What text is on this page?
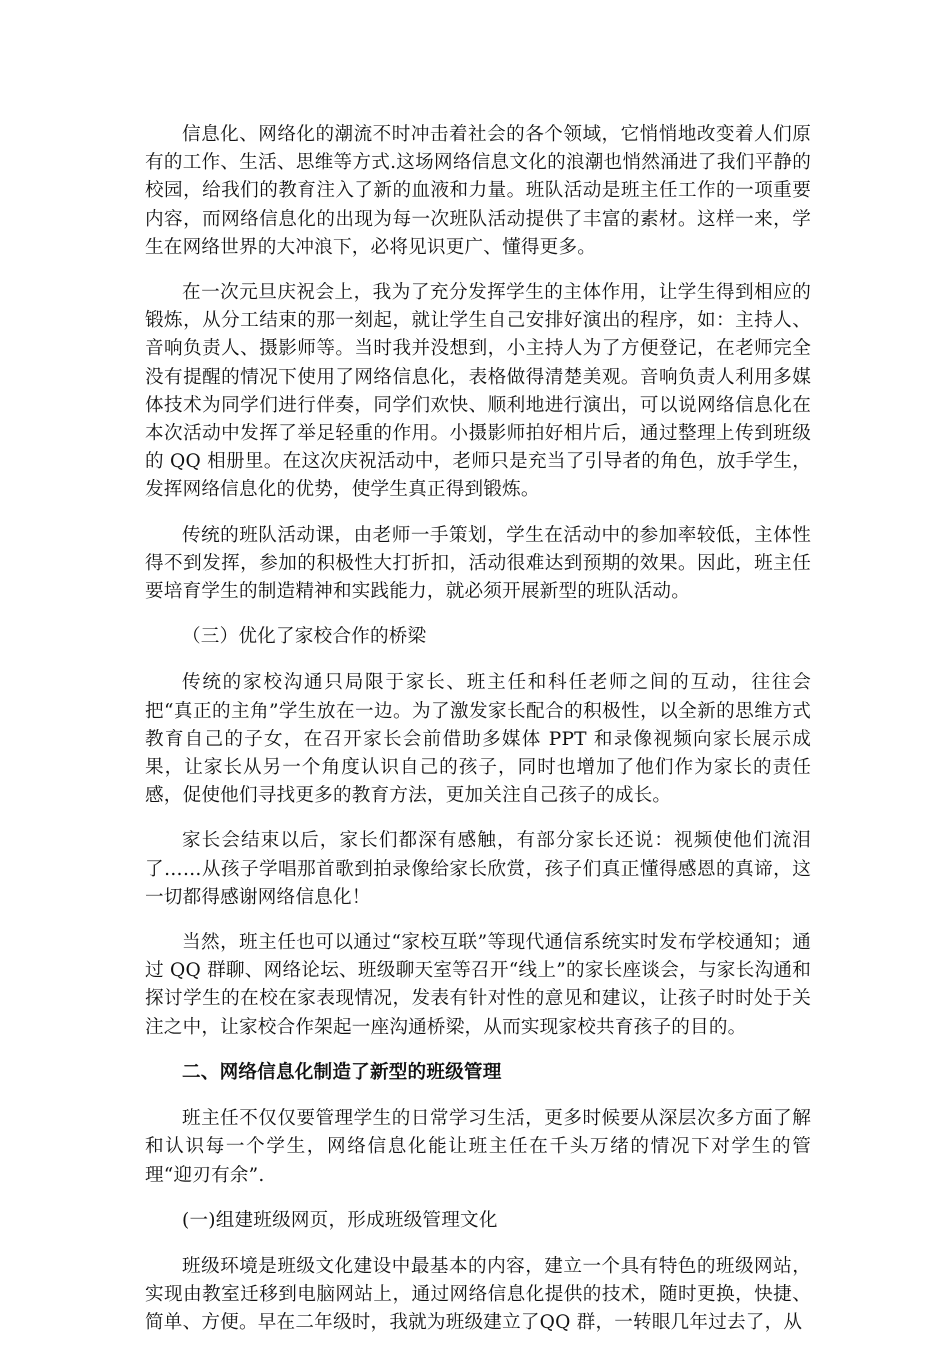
信息化、网络化的潮流不时冲击着社会的各个领域，它悄悄地改变着人们原有的工作、生活、思维等方式.这场网络信息文化的浪潮也悄然涌进了我们平静的校园，给我们的教育注入了新的血液和力量。班队活动是班主任工作的一项重要内容，而网络信息化的出现为每一次班队活动提供了丰富的素材。这样一来，学生在网络世界的大冲浪下，必将见识更广、懂得更多。

在一次元旦庆祝会上，我为了充分发挥学生的主体作用，让学生得到相应的锻炼，从分工结束的那一刻起，就让学生自己安排好演出的程序，如：主持人、音响负责人、摄影师等。当时我并没想到，小主持人为了方便登记，在老师完全没有提醒的情况下使用了网络信息化，表格做得清楚美观。音响负责人利用多媒体技术为同学们进行伴奏，同学们欢快、顺利地进行演出，可以说网络信息化在本次活动中发挥了举足轻重的作用。小摄影师拍好相片后，通过整理上传到班级的 QQ 相册里。在这次庆祝活动中，老师只是充当了引导者的角色，放手学生，发挥网络信息化的优势，使学生真正得到锻炼。

传统的班队活动课，由老师一手策划，学生在活动中的参加率较低，主体性得不到发挥，参加的积极性大打折扣，活动很难达到预期的效果。因此，班主任要培育学生的制造精神和实践能力，就必须开展新型的班队活动。

（三）优化了家校合作的桥梁

传统的家校沟通只局限于家长、班主任和科任老师之间的互动，往往会把“真正的主角”学生放在一边。为了激发家长配合的积极性，以全新的思维方式教育自己的子女，在召开家长会前借助多媒体 PPT 和录像视频向家长展示成果，让家长从另一个角度认识自己的孩子，同时也增加了他们作为家长的责任感，促使他们寻找更多的教育方法，更加关注自己孩子的成长。

家长会结束以后，家长们都深有感触，有部分家长还说：视频使他们流泪了……从孩子学唱那首歌到拍录像给家长欣赏，孩子们真正懂得感恩的真谛，这一切都得感谢网络信息化！

当然，班主任也可以通过“家校互联”等现代通信系统实时发布学校通知；通过 QQ 群聊、网络论坛、班级聊天室等召开“线上”的家长座谈会，与家长沟通和探讨学生的在校在家表现情况，发表有针对性的意见和建议，让孩子时时处于关注之中，让家校合作架起一座沟通桥梁，从而实现家校共育孩子的目的。

二、网络信息化制造了新型的班级管理

班主任不仅仅要管理学生的日常学习生活，更多时候要从深层次多方面了解和认识每一个学生，网络信息化能让班主任在千头万绪的情况下对学生的管理“迎刃有余”.

(一)组建班级网页，形成班级管理文化

班级环境是班级文化建设中最基本的内容，建立一个具有特色的班级网站，实现由教室迁移到电脑网站上，通过网络信息化提供的技术，随时更换，快捷、简单、方便。早在二年级时，我就为班级建立了QQ 群，一转眼几年过去了，从
